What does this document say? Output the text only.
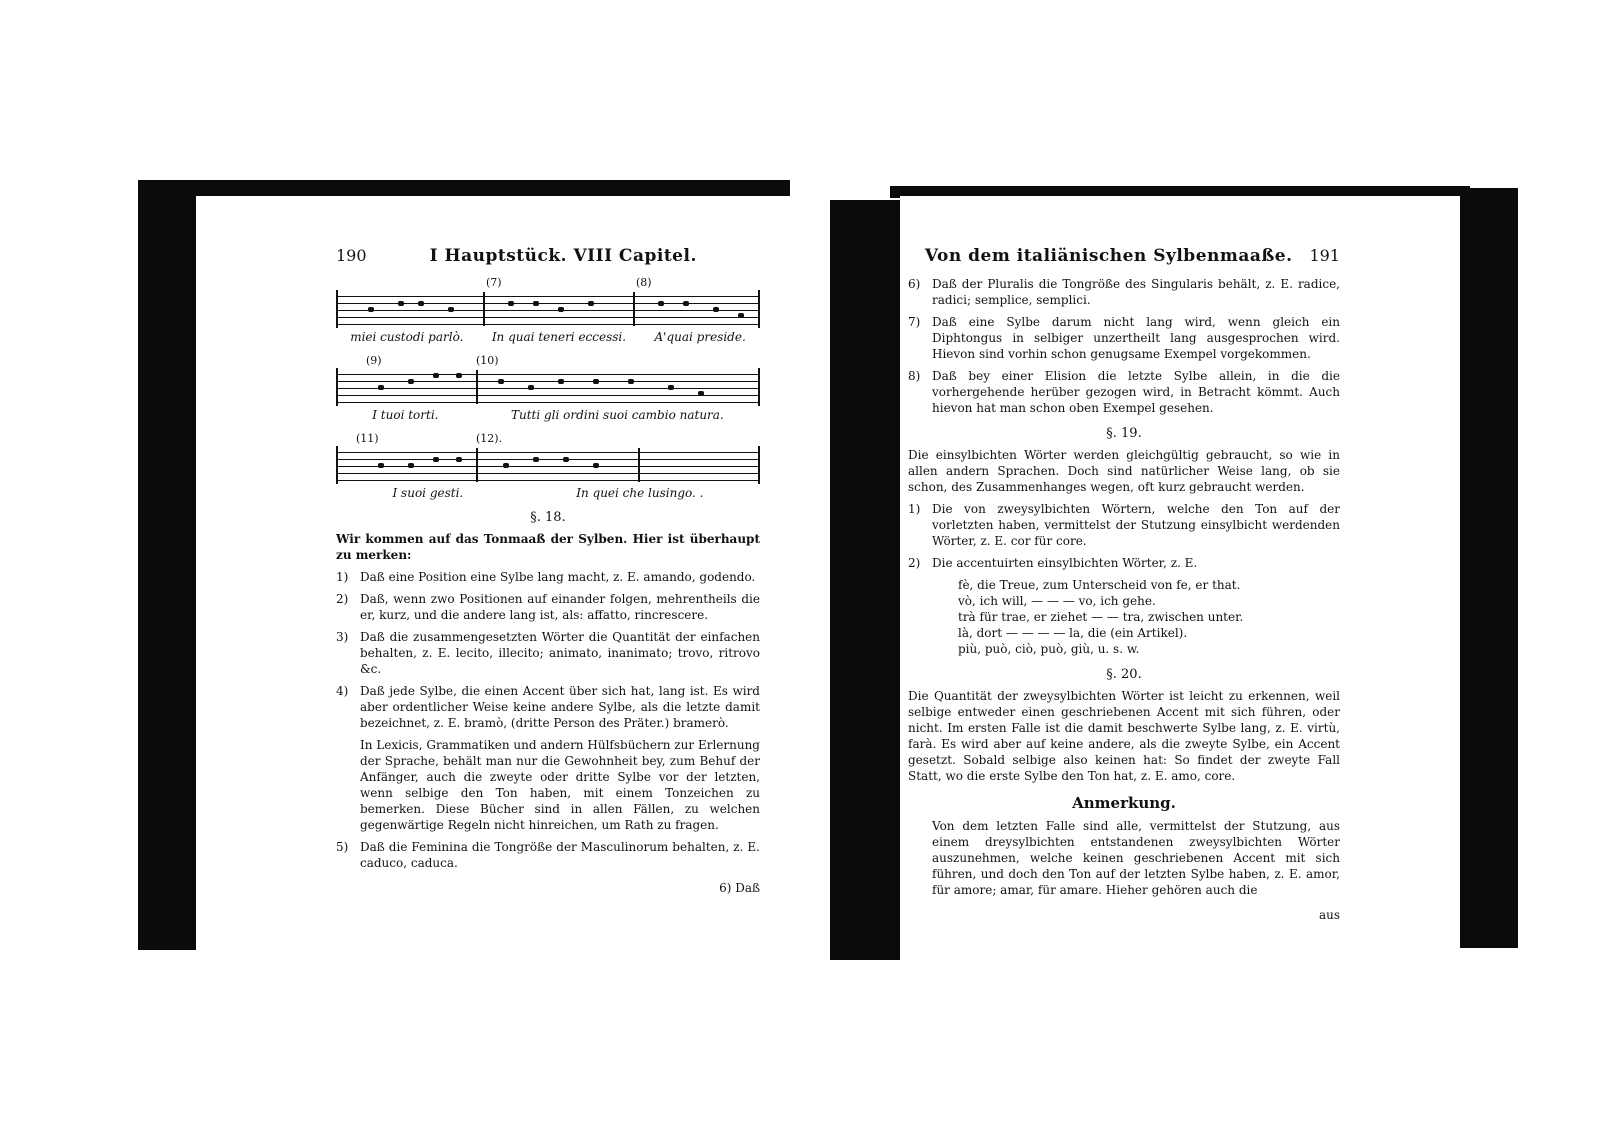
190	I Hauptstück. VIII Capitel.
(7)	(8)
miei custodi parlò. In quai teneri eccessi. A'quai preside.
(9)	(10)
I tuoi torti.	Tutti gli ordini suoi cambio natura.
(11)	(12).
I suoi gesti.	In quei che lusingo. .
§. 18.

Wir kommen auf das Tonmaaß der Sylben. Hier ist überhaupt zu merken:

1) Daß eine Position eine Sylbe lang macht, z. E. amando, godendo.
2) Daß, wenn zwo Positionen auf einander folgen, mehrentheils die er, kurz, und die andere lang ist, als: affatto, rincrescere.
3) Daß die zusammengesetzten Wörter die Quantität der einfachen behalten, z. E. lecito, illecito; animato, inanimato; trovo, ritrovo &c.
4) Daß jede Sylbe, die einen Accent über sich hat, lang ist. Es wird aber ordentlicher Weise keine andere Sylbe, als die letzte damit bezeichnet, z. E. bramò, (dritte Person des Präter.) bramerò.

In Lexicis, Grammatiken und andern Hülfsbüchern zur Erlernung der Sprache, behält man nur die Gewohnheit bey, zum Behuf der Anfänger, auch die zweyte oder dritte Sylbe vor der letzten, wenn selbige den Ton haben, mit einem Tonzeichen zu bemerken. Diese Bücher sind in allen Fällen, zu welchen gegenwärtige Regeln nicht hinreichen, um Rath zu fragen.

5) Daß die Feminina die Tongröße der Masculinorum behalten, z. E. caduco, caduca.
6) Daß
Von dem italiänischen Sylbenmaaße. 191
6) Daß der Pluralis die Tongröße des Singularis behält, z. E. radice, radici; semplice, semplici.
7) Daß eine Sylbe darum nicht lang wird, wenn gleich ein Diphtongus in selbiger unzertheilt lang ausgesprochen wird. Hievon sind vorhin schon genugsame Exempel vorgekommen.
8) Daß bey einer Elision die letzte Sylbe allein, in die die vorhergehende herüber gezogen wird, in Betracht kömmt. Auch hievon hat man schon oben Exempel gesehen.
§. 19.

Die einsylbichten Wörter werden gleichgültig gebraucht, so wie in allen andern Sprachen. Doch sind natürlicher Weise lang, ob sie schon, des Zusammenhanges wegen, oft kurz gebraucht werden.

1) Die von zweysylbichten Wörtern, welche den Ton auf der vorletzten haben, vermittelst der Stutzung einsylbicht werdenden Wörter, z. E. cor für core.
2) Die accentuirten einsylbichten Wörter, z. E.
fè, die Treue, zum Unterscheid von fe, er that.
vò, ich will, — — — vo, ich gehe.
trà für trae, er ziehet — — tra, zwischen unter.
là, dort — — — — la, die (ein Artikel).
più, può, ciò, può, giù, u. s. w.
§. 20.

Die Quantität der zweysylbichten Wörter ist leicht zu erkennen, weil selbige entweder einen geschriebenen Accent mit sich führen, oder nicht. Im ersten Falle ist die damit beschwerte Sylbe lang, z. E. virtù, farà. Es wird aber auf keine andere, als die zweyte Sylbe, ein Accent gesetzt. Sobald selbige also keinen hat: So findet der zweyte Fall Statt, wo die erste Sylbe den Ton hat, z. E. amo, core.

Anmerkung.

Von dem letzten Falle sind alle, vermittelst der Stutzung, aus einem dreysylbichten entstandenen zweysylbichten Wörter auszunehmen, welche keinen geschriebenen Accent mit sich führen, und doch den Ton auf der letzten Sylbe haben, z. E. amor, für amore; amar, für amare. Hieher gehören auch die

aus
